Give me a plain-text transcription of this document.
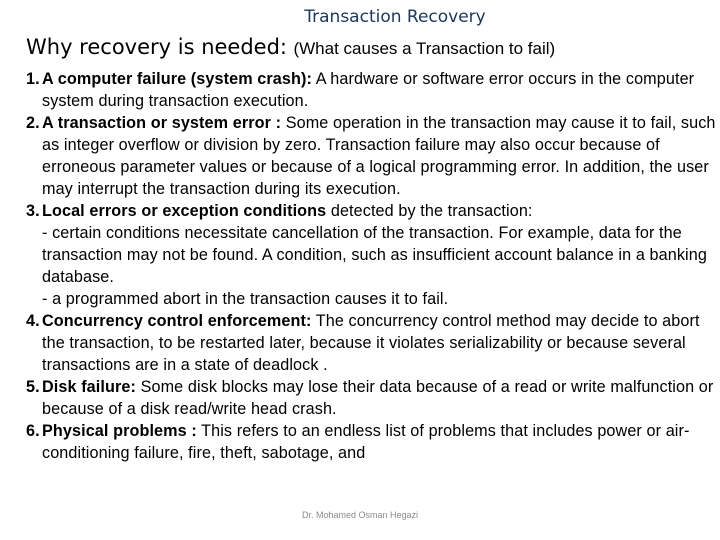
Transaction Recovery
Why recovery is needed: (What causes a Transaction to fail)
1. A computer failure (system crash): A hardware or software error occurs in the computer system during transaction execution.
2. A transaction or system error : Some operation in the transaction may cause it to fail, such as integer overflow or division by zero. Transaction failure may also occur because of erroneous parameter values or because of a logical programming error. In addition, the user may interrupt the transaction during its execution.
3. Local errors or exception conditions detected by the transaction:
- certain conditions necessitate cancellation of the transaction. For example, data for the transaction may not be found. A condition, such as insufficient account balance in a banking database.
- a programmed abort in the transaction causes it to fail.
4. Concurrency control enforcement: The concurrency control method may decide to abort the transaction, to be restarted later, because it violates serializability or because several transactions are in a state of deadlock .
5. Disk failure: Some disk blocks may lose their data because of a read or write malfunction or because of a disk read/write head crash.
6. Physical problems : This refers to an endless list of problems that includes power or air-conditioning failure, fire, theft, sabotage, and
Dr. Mohamed Osman Hegazi
